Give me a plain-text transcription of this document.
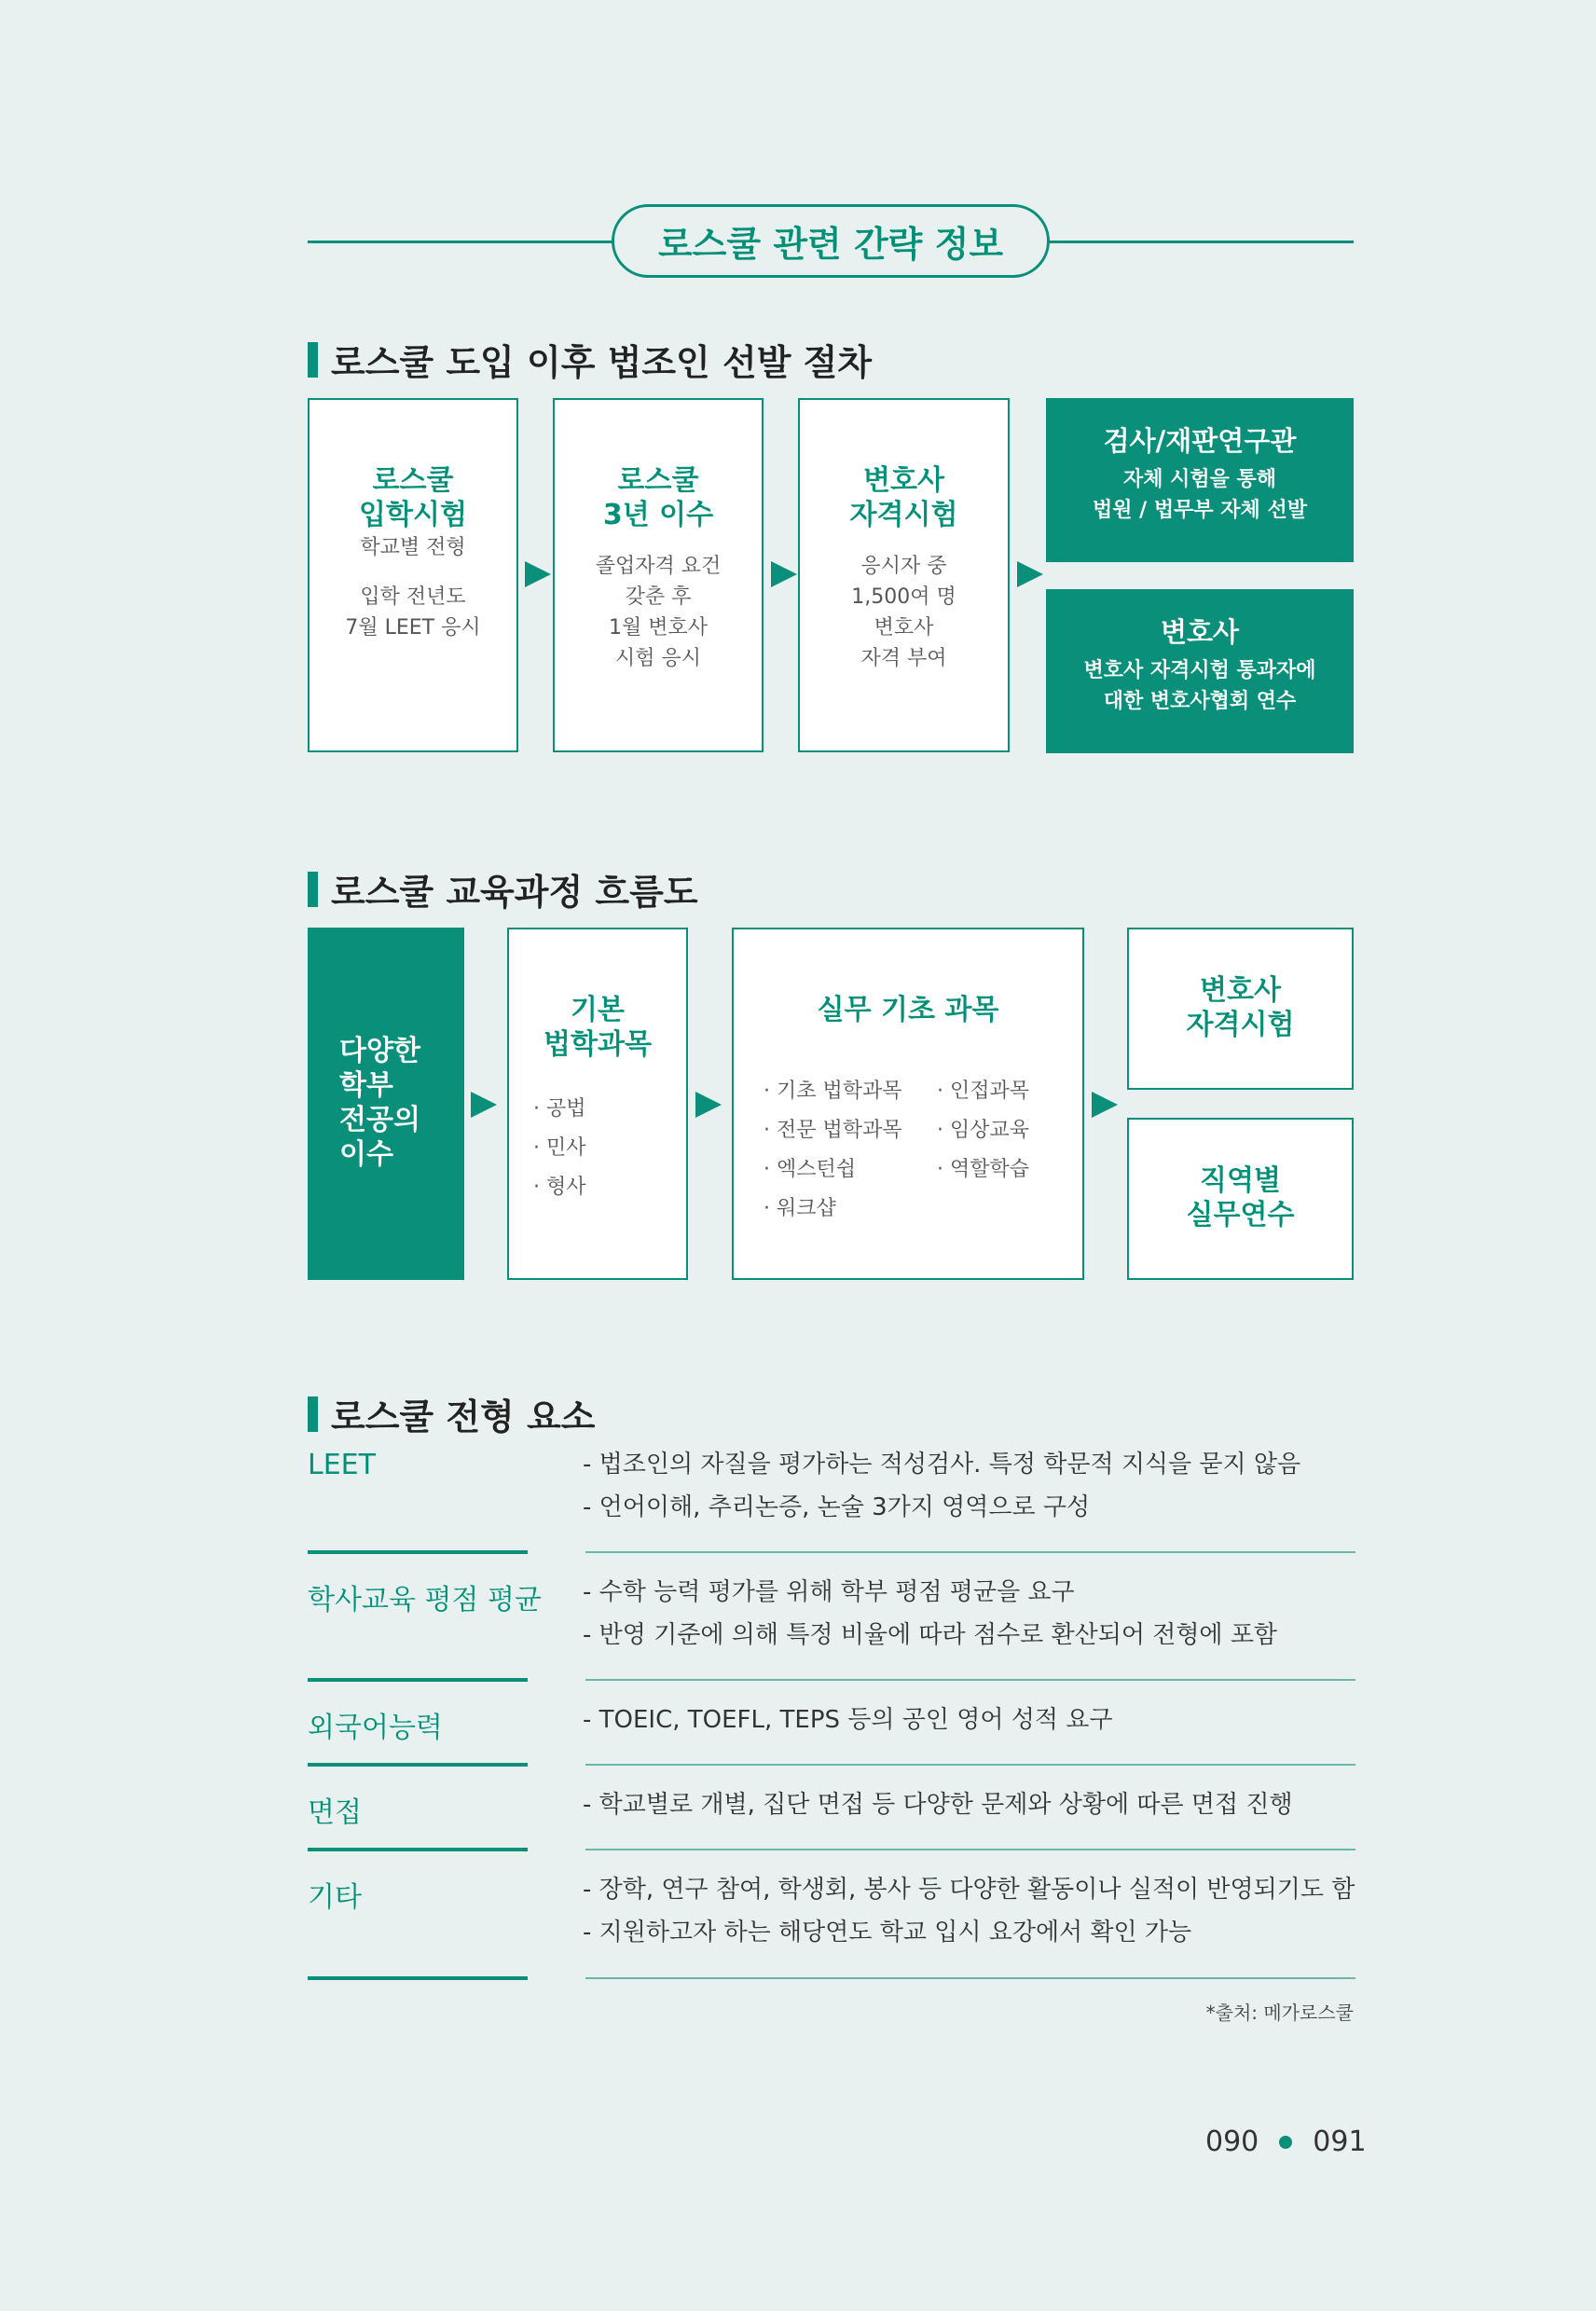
로스쿨 관련 간략 정보
로스쿨 도입 이후 법조인 선발 절차
로스쿨
입학시험
학교별 전형
입학 전년도
7월 LEET 응시
로스쿨
3년 이수
졸업자격 요건
갖춘 후
1월 변호사
시험 응시
변호사
자격시험
응시자 중
1,500여 명
변호사
자격 부여
검사/재판연구관
자체 시험을 통해
법원 / 법무부 자체 선발
변호사
변호사 자격시험 통과자에
대한 변호사협회 연수
로스쿨 교육과정 흐름도
다양한
학부
전공의
이수
기본
법학과목
· 공법
· 민사
· 형사
실무 기초 과목
· 기초 법학과목
· 전문 법학과목
· 엑스턴쉽
· 워크샵
· 인접과목
· 임상교육
· 역할학습
변호사
자격시험
직역별
실무연수
로스쿨 전형 요소
LEET	- 법조인의 자질을 평가하는 적성검사. 특정 학문적 지식을 묻지 않음
- 언어이해, 추리논증, 논술 3가지 영역으로 구성
학사교육 평점 평균 - 수학 능력 평가를 위해 학부 평점 평균을 요구
- 반영 기준에 의해 특정 비율에 따라 점수로 환산되어 전형에 포함
외국어능력	- TOEIC, TOEFL, TEPS 등의 공인 영어 성적 요구
면접	- 학교별로 개별, 집단 면접 등 다양한 문제와 상황에 따른 면접 진행
기타	- 장학, 연구 참여, 학생회, 봉사 등 다양한 활동이나 실적이 반영되기도 함
- 지원하고자 하는 해당연도 학교 입시 요강에서 확인 가능
*출처: 메가로스쿨
090 091
